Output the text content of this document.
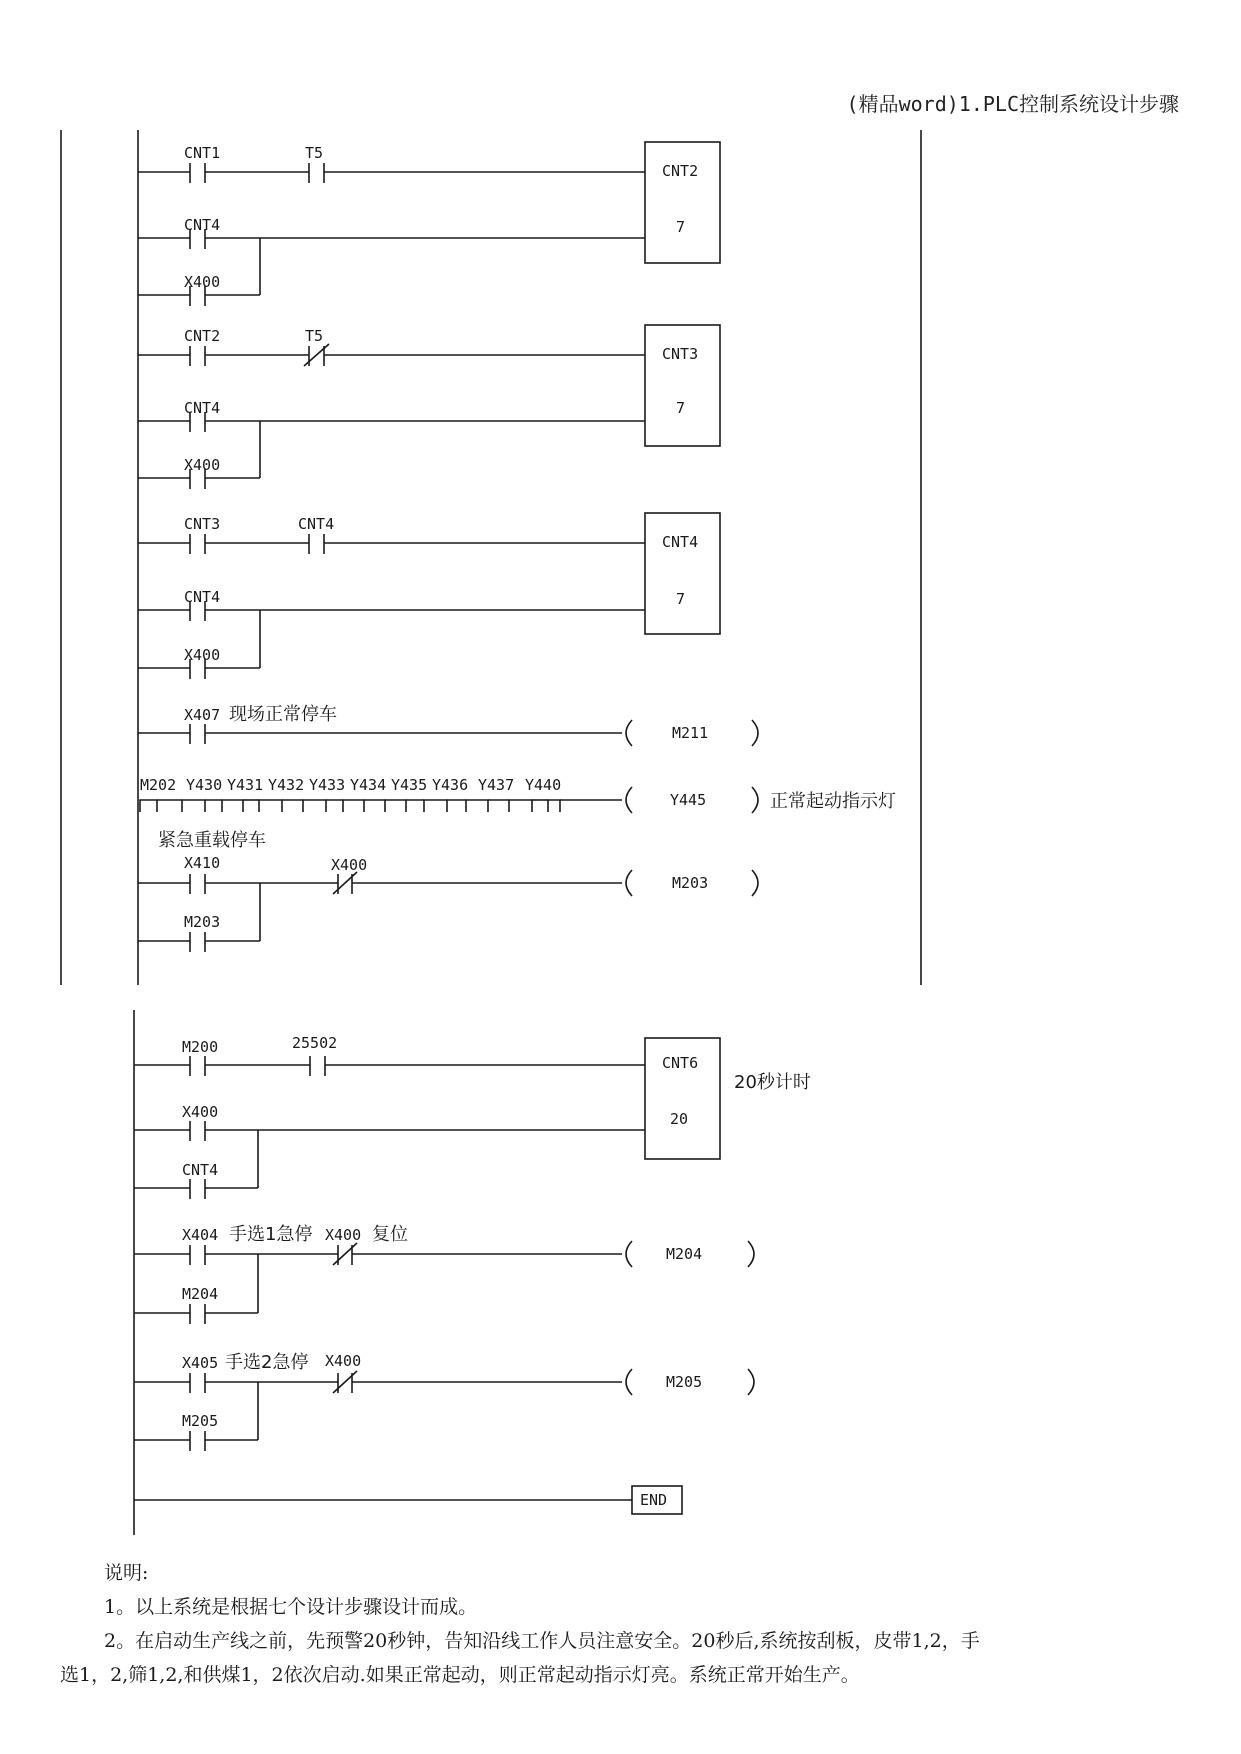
(精品word)1.PLC控制系统设计步骤
CNT1	T5
CNT4
X400
CNT2
7
CNT2	T5
CNT4
X400
CNT3
7
CNT3	CNT4
CNT4
X400
CNT4
7
X407 现场正常停车
M211
M202 Y430 Y431 Y432 Y433 Y434 Y435 Y436 Y437 Y440
Y445	正常起动指示灯
紧急重载停车
X410	X400
M203
M203
M200	25502
X400
CNT4
CNT6
20
20秒计时
X404 手选1急停 X400 复位
M204
M204
X405 手选2急停 X400
M205
M205
END

说明:

1。以上系统是根据七个设计步骤设计而成。

2。在启动生产线之前，先预警20秒钟，告知沿线工作人员注意安全。20秒后,系统按刮板，皮带1,2，手

选1，2,筛1,2,和供煤1，2依次启动.如果正常起动，则正常起动指示灯亮。系统正常开始生产。
